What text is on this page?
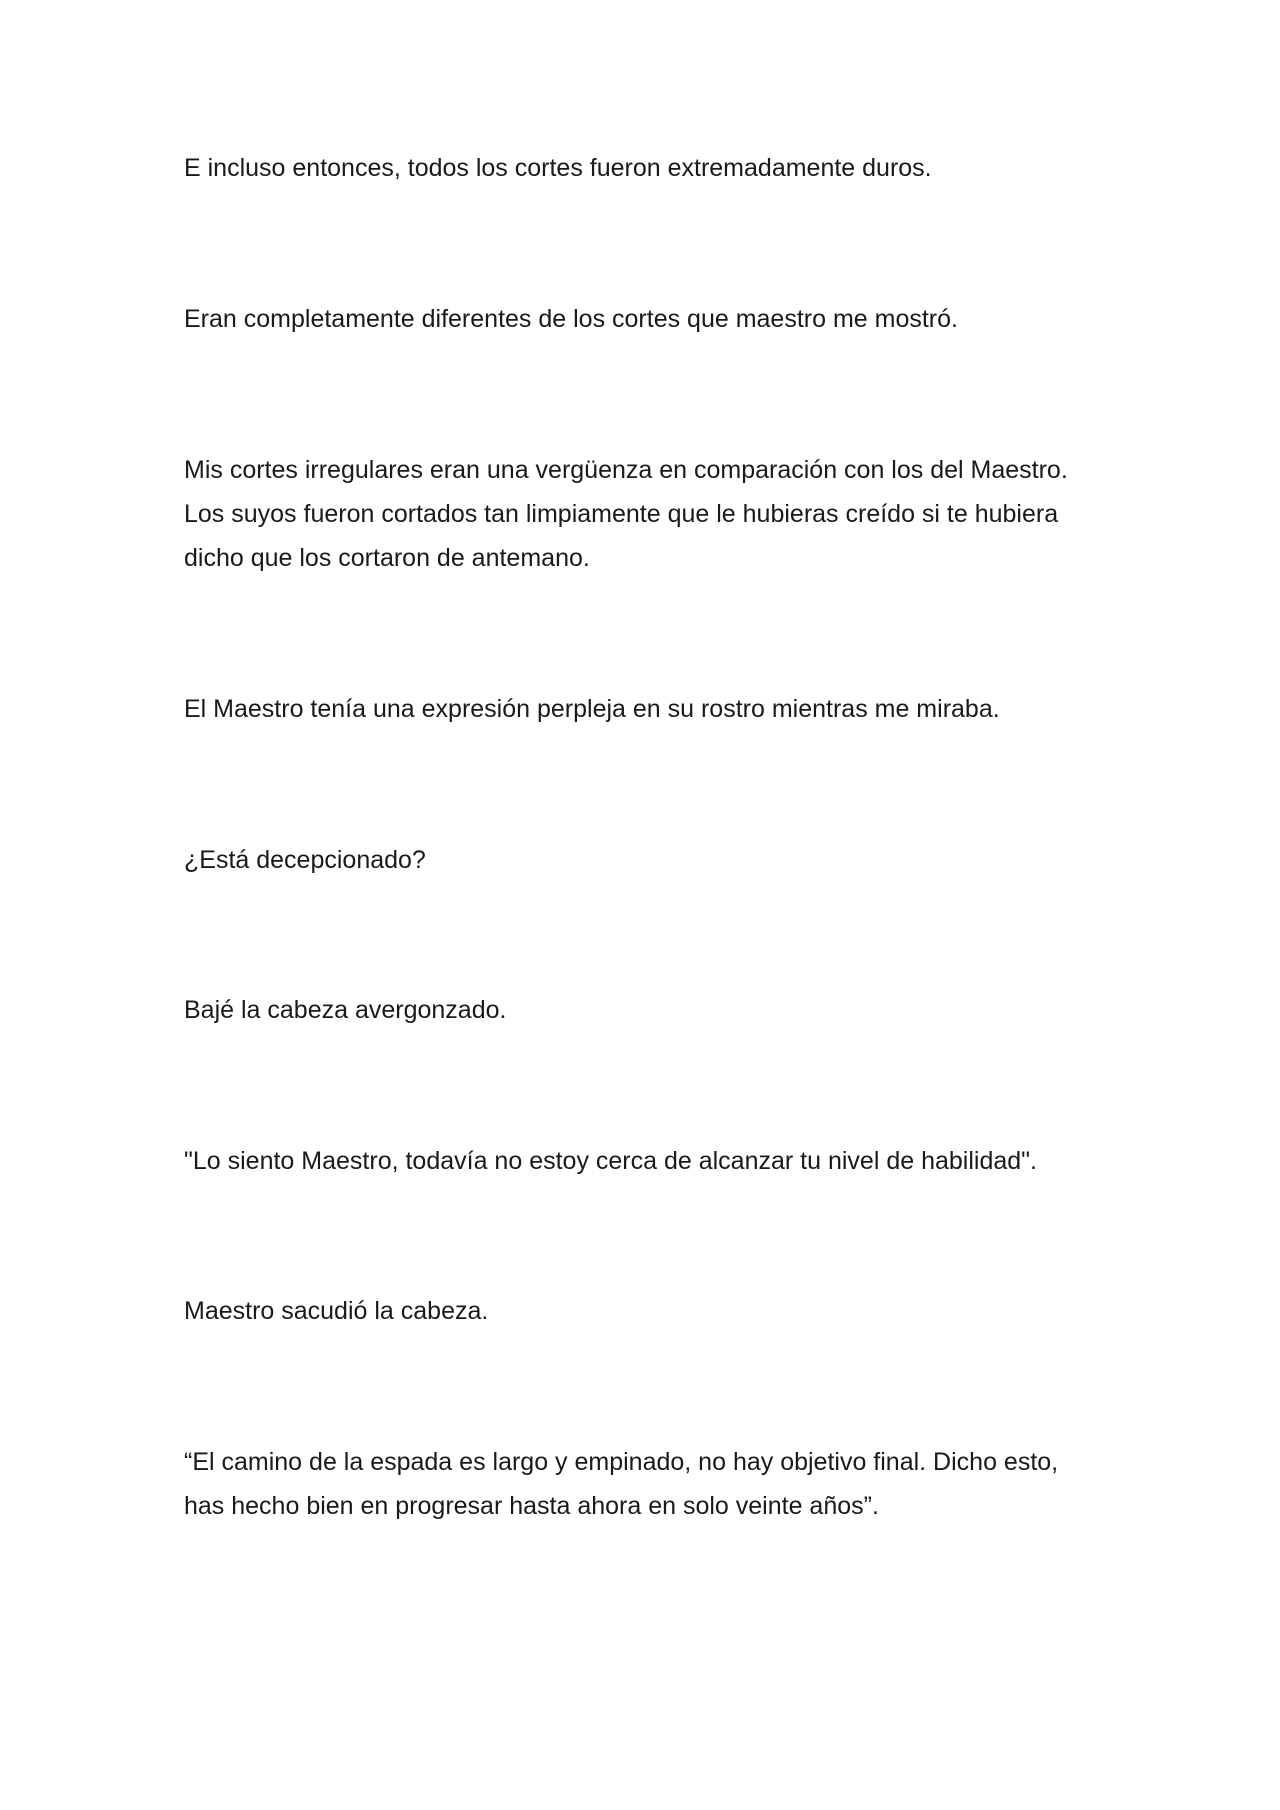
E incluso entonces, todos los cortes fueron extremadamente duros.

Eran completamente diferentes de los cortes que maestro me mostró.

Mis cortes irregulares eran una vergüenza en comparación con los del Maestro.
Los suyos fueron cortados tan limpiamente que le hubieras creído si te hubiera
dicho que los cortaron de antemano.

El Maestro tenía una expresión perpleja en su rostro mientras me miraba.

¿Está decepcionado?

Bajé la cabeza avergonzado.

"Lo siento Maestro, todavía no estoy cerca de alcanzar tu nivel de habilidad".

Maestro sacudió la cabeza.

“El camino de la espada es largo y empinado, no hay objetivo final. Dicho esto,
has hecho bien en progresar hasta ahora en solo veinte años”.
